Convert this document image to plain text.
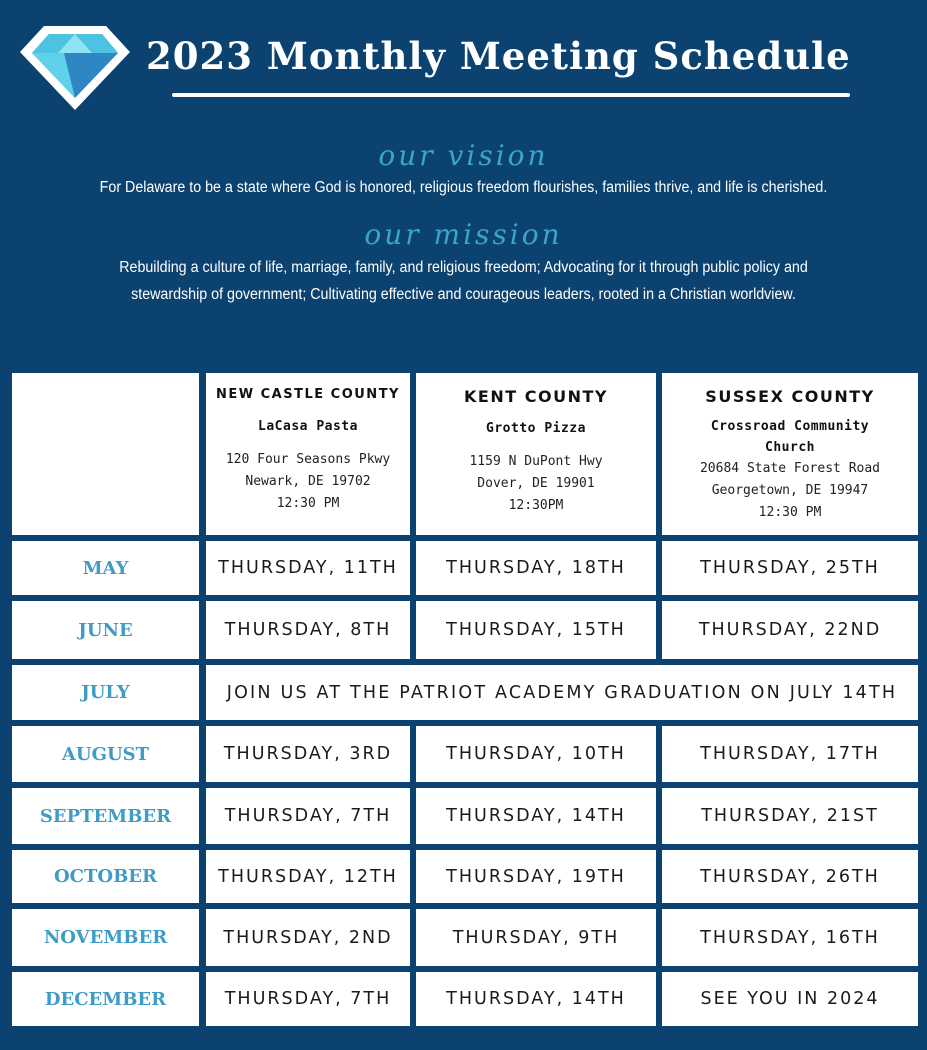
2023 Monthly Meeting Schedule
our vision

For Delaware to be a state where God is honored, religious freedom flourishes, families thrive, and life is cherished.

our mission

Rebuilding a culture of life, marriage, family, and religious freedom; Advocating for it through public policy and
stewardship of government; Cultivating effective and courageous leaders, rooted in a Christian worldview.

NEW CASTLE COUNTY
LaCasa Pasta
120 Four Seasons Pkwy
Newark, DE 19702
12:30 PM
KENT COUNTY
Grotto Pizza
1159 N DuPont Hwy
Dover, DE 19901
12:30PM
SUSSEX COUNTY
Crossroad Community
Church
20684 State Forest Road
Georgetown, DE 19947
12:30 PM
MAY	THURSDAY, 11TH	THURSDAY, 18TH	THURSDAY, 25TH
JUNE	THURSDAY, 8TH	THURSDAY, 15TH	THURSDAY, 22ND
JULY	JOIN US AT THE PATRIOT ACADEMY GRADUATION ON JULY 14TH
AUGUST	THURSDAY, 3RD	THURSDAY, 10TH	THURSDAY, 17TH
SEPTEMBER	THURSDAY, 7TH	THURSDAY, 14TH	THURSDAY, 21ST
OCTOBER	THURSDAY, 12TH	THURSDAY, 19TH	THURSDAY, 26TH
NOVEMBER	THURSDAY, 2ND	THURSDAY, 9TH	THURSDAY, 16TH
DECEMBER	THURSDAY, 7TH	THURSDAY, 14TH	SEE YOU IN 2024
